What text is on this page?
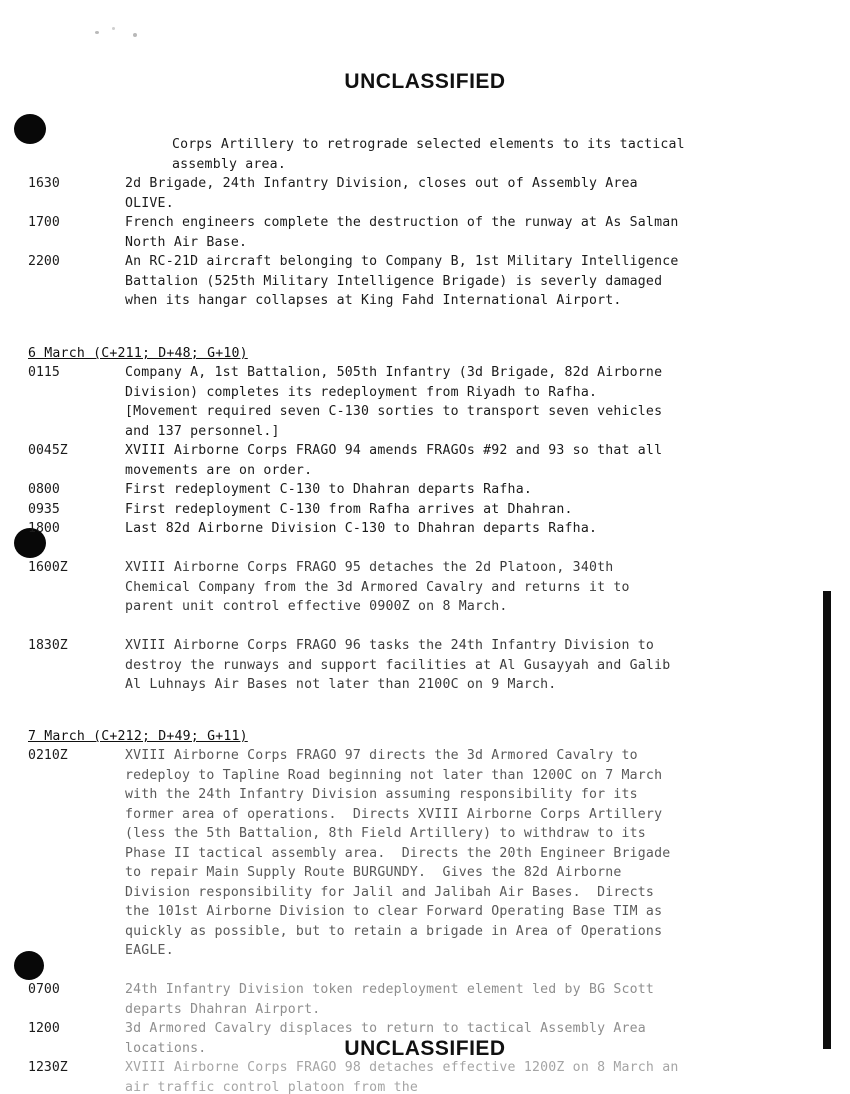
UNCLASSIFIED
Corps Artillery to retrograde selected elements to its tactical assembly area.
1630	2d Brigade, 24th Infantry Division, closes out of Assembly Area OLIVE.
1700	French engineers complete the destruction of the runway at As Salman North Air Base.
2200	An RC-21D aircraft belonging to Company B, 1st Military Intelligence Battalion (525th Military Intelligence Brigade) is severly damaged when its hangar collapses at King Fahd International Airport.
6 March (C+211; D+48; G+10)
0115	Company A, 1st Battalion, 505th Infantry (3d Brigade, 82d Airborne Division) completes its redeployment from Riyadh to Rafha.  [Movement required seven C-130 sorties to transport seven vehicles and 137 personnel.]
0045Z	XVIII Airborne Corps FRAGO 94 amends FRAGOs #92 and 93 so that all movements are on order.
0800	First redeployment C-130 to Dhahran departs Rafha.
0935	First redeployment C-130 from Rafha arrives at Dhahran.
1800	Last 82d Airborne Division C-130 to Dhahran departs Rafha.
1600Z	XVIII Airborne Corps FRAGO 95 detaches the 2d Platoon, 340th Chemical Company from the 3d Armored Cavalry and returns it to parent unit control effective 0900Z on 8 March.
1830Z	XVIII Airborne Corps FRAGO 96 tasks the 24th Infantry Division to destroy the runways and support facilities at Al Gusayyah and Galib Al Luhnays Air Bases not later than 2100C on 9 March.
7 March (C+212; D+49; G+11)
0210Z	XVIII Airborne Corps FRAGO 97 directs the 3d Armored Cavalry to redeploy to Tapline Road beginning not later than 1200C on 7 March with the 24th Infantry Division assuming responsibility for its former area of operations.  Directs XVIII Airborne Corps Artillery (less the 5th Battalion, 8th Field Artillery) to withdraw to its Phase II tactical assembly area.  Directs the 20th Engineer Brigade to repair Main Supply Route BURGUNDY.  Gives the 82d Airborne Division responsibility for Jalil and Jalibah Air Bases.  Directs the 101st Airborne Division to clear Forward Operating Base TIM as quickly as possible, but to retain a brigade in Area of Operations EAGLE.
0700	24th Infantry Division token redeployment element led by BG Scott departs Dhahran Airport.
1200	3d Armored Cavalry displaces to return to tactical Assembly Area locations.
1230Z	XVIII Airborne Corps FRAGO 98 detaches effective 1200Z on 8 March an air traffic control platoon from the
UNCLASSIFIED
